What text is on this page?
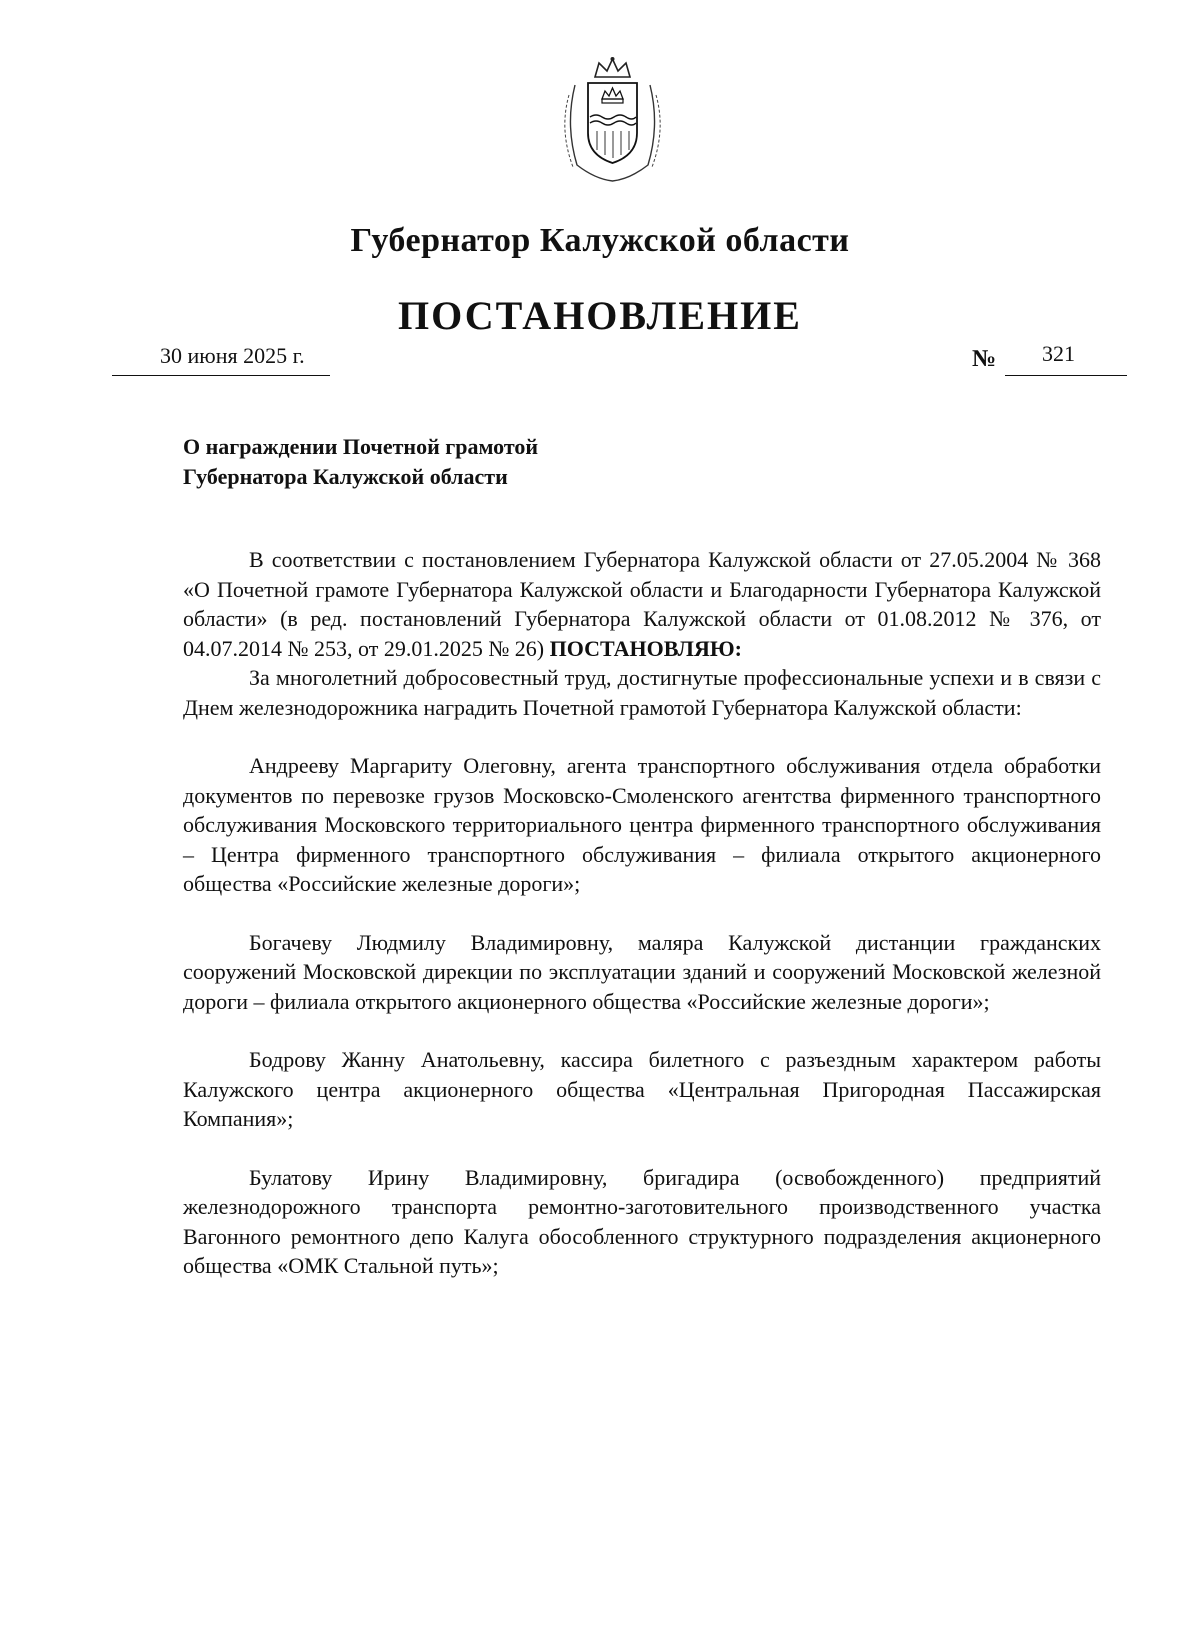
Губернатор Калужской области
ПОСТАНОВЛЕНИЕ
30 июня 2025 г.	№ 321
О награждении Почетной грамотой
Губернатора Калужской области

В соответствии с постановлением Губернатора Калужской области от 27.05.2004 № 368 «О Почетной грамоте Губернатора Калужской области и Благодарности Губернатора Калужской области» (в ред. постановлений Губернатора Калужской области от 01.08.2012 № 376, от 04.07.2014 № 253, от 29.01.2025 № 26) ПОСТАНОВЛЯЮ:

За многолетний добросовестный труд, достигнутые профессиональные успехи и в связи с Днем железнодорожника наградить Почетной грамотой Губернатора Калужской области:

Андрееву Маргариту Олеговну, агента транспортного обслуживания отдела обработки документов по перевозке грузов Московско-Смоленского агентства фирменного транспортного обслуживания Московского территориального центра фирменного транспортного обслуживания – Центра фирменного транспортного обслуживания – филиала открытого акционерного общества «Российские железные дороги»;

Богачеву Людмилу Владимировну, маляра Калужской дистанции гражданских сооружений Московской дирекции по эксплуатации зданий и сооружений Московской железной дороги – филиала открытого акционерного общества «Российские железные дороги»;

Бодрову Жанну Анатольевну, кассира билетного с разъездным характером работы Калужского центра акционерного общества «Центральная Пригородная Пассажирская Компания»;

Булатову Ирину Владимировну, бригадира (освобожденного) предприятий железнодорожного транспорта ремонтно-заготовительного производственного участка Вагонного ремонтного депо Калуга обособленного структурного подразделения акционерного общества «ОМК Стальной путь»;
